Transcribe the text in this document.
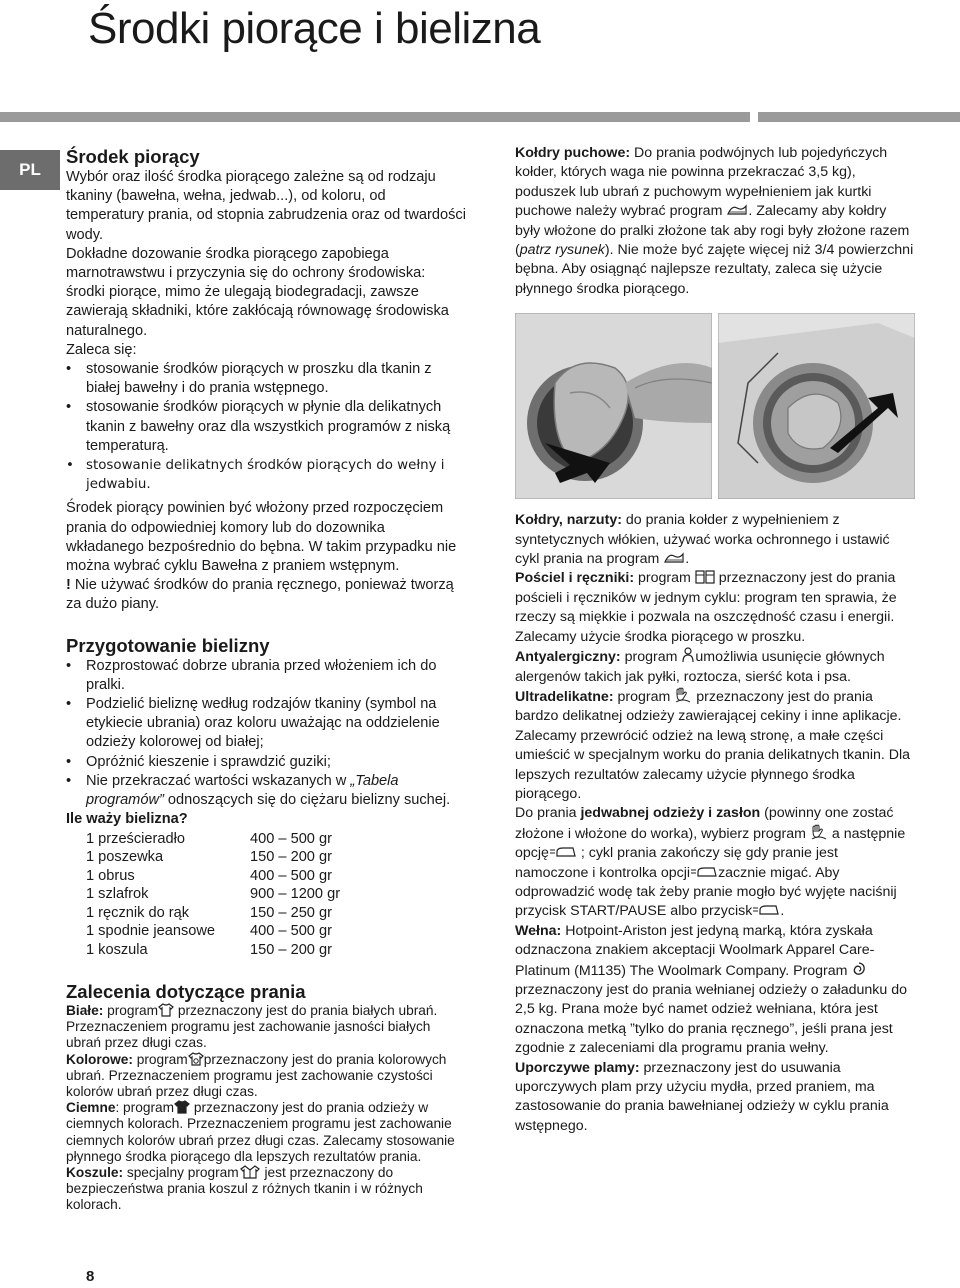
Środki piorące i bielizna
PL
Środek piorący

Wybór oraz ilość środka piorącego zależne są od rodzaju tkaniny (bawełna, wełna, jedwab...), od koloru, od temperatury prania, od stopnia zabrudzenia oraz od twardości wody.

Dokładne dozowanie środka piorącego zapobiega marnotrawstwu i przyczynia się do ochrony środowiska: środki piorące, mimo że ulegają biodegradacji, zawsze zawierają składniki, które zakłócają równowagę środowiska naturalnego.

Zaleca się:

• stosowanie środków piorących w proszku dla tkanin z białej bawełny i do prania wstępnego.
• stosowanie środków piorących w płynie dla delikatnych tkanin z bawełny oraz dla wszystkich programów z niską temperaturą.
• stosowanie delikatnych środków piorących do wełny i jedwabiu.

Środek piorący powinien być włożony przed rozpoczęciem prania do odpowiedniej komory lub do dozownika wkładanego bezpośrednio do bębna. W takim przypadku nie można wybrać cyklu Bawełna z praniem wstępnym.

! Nie używać środków do prania ręcznego, ponieważ tworzą za dużo piany.

Przygotowanie bielizny
• Rozprostować dobrze ubrania przed włożeniem ich do pralki.
• Podzielić bieliznę według rodzajów tkaniny (symbol na etykiecie ubrania) oraz koloru uważając na oddzielenie odzieży kolorowej od białej;
• Opróżnić kieszenie i sprawdzić guziki;
• Nie przekraczać wartości wskazanych w „Tabela programów” odnoszących się do ciężaru bielizny suchej.
Ile waży bielizna?
1 prześcieradło	400 – 500 gr
1 poszewka	150 – 200 gr
1 obrus	400 – 500 gr
1 szlafrok	900 – 1200 gr
1 ręcznik do rąk	150 – 250 gr
1 spodnie jeansowe	400 – 500 gr
1 koszula	150 – 200 gr
Zalecenia dotyczące prania

Białe: program
przeznaczony jest do prania białych ubrań. Przeznaczeniem programu jest zachowanie jasności białych ubrań przez długi czas.

Kolorowe: program przeznaczony jest do prania kolorowych ubrań. Przeznaczeniem programu jest zachowanie czystości kolorów ubrań przez długi czas.

Ciemne: program
przeznaczony jest do prania odzieży w ciemnych kolorach. Przeznaczeniem programu jest zachowanie ciemnych kolorów ubrań przez długi czas. Zalecamy stosowanie płynnego środka piorącego dla lepszych rezultatów prania.

Koszule: specjalny program
jest przeznaczony do bezpieczeństwa prania koszul z różnych tkanin i w różnych kolorach.

Kołdry puchowe: Do prania podwójnych lub pojedyńczych kołder, których waga nie powinna przekraczać 3,5 kg), poduszek lub ubrań z puchowym wypełnieniem jak kurtki puchowe należy wybrać program . Zalecamy aby kołdry były włożone do pralki złożone tak aby rogi były złożone razem (patrz rysunek). Nie może być zajęte więcej niż 3/4 powierzchni bębna. Aby osiągnąć najlepsze rezultaty, zaleca się użycie płynnego środka piorącego.

Kołdry, narzuty: do prania kołder z wypełnieniem z syntetycznych włókien, używać worka ochronnego i ustawić cykl prania na program .

Pościel i ręczniki: program
przeznaczony jest do prania pościeli i ręczników w jednym cyklu: program ten sprawia, że rzeczy są miękkie i pozwala na oszczędność czasu i energii. Zalecamy użycie środka piorącego w proszku.

Antyalergiczny: program umożliwia usunięcie głównych alergenów takich jak pyłki, roztocza, sierść kota i psa.

Ultradelikatne: program
przeznaczony jest do prania bardzo delikatnej odzieży zawierającej cekiny i inne aplikacje. Zalecamy przewrócić odzież na lewą stronę, a małe części umieścić w specjalnym worku do prania delikatnych tkanin. Dla lepszych rezultatów zalecamy użycie płynnego środka piorącego.

Do prania jedwabnej odzieży i zasłon (powinny one zostać złożone i włożone do worka), wybierz program
a następnie opcję
; cykl prania zakończy się gdy pranie jest namoczone i kontrolka opcji zacznie migać. Aby odprowadzić wodę tak żeby pranie mogło być wyjęte naciśnij przycisk START/PAUSE albo przycisk .

Wełna: Hotpoint-Ariston jest jedyną marką, która zyskała odznaczona znakiem akceptacji Woolmark Apparel Care-Platinum (M1135) The Woolmark Company. Program
przeznaczony jest do prania wełnianej odzieży o załadunku do 2,5 kg. Prana może być namet odzież wełniana, która jest oznaczona metką ”tylko do prania ręcznego”, jeśli prana jest zgodnie z zaleceniami dla programu prania wełny.

Uporczywe plamy: przeznaczony jest do usuwania uporczywych plam przy użyciu mydła, przed praniem, ma zastosowanie do prania bawełnianej odzieży w cyklu prania wstępnego.

8
